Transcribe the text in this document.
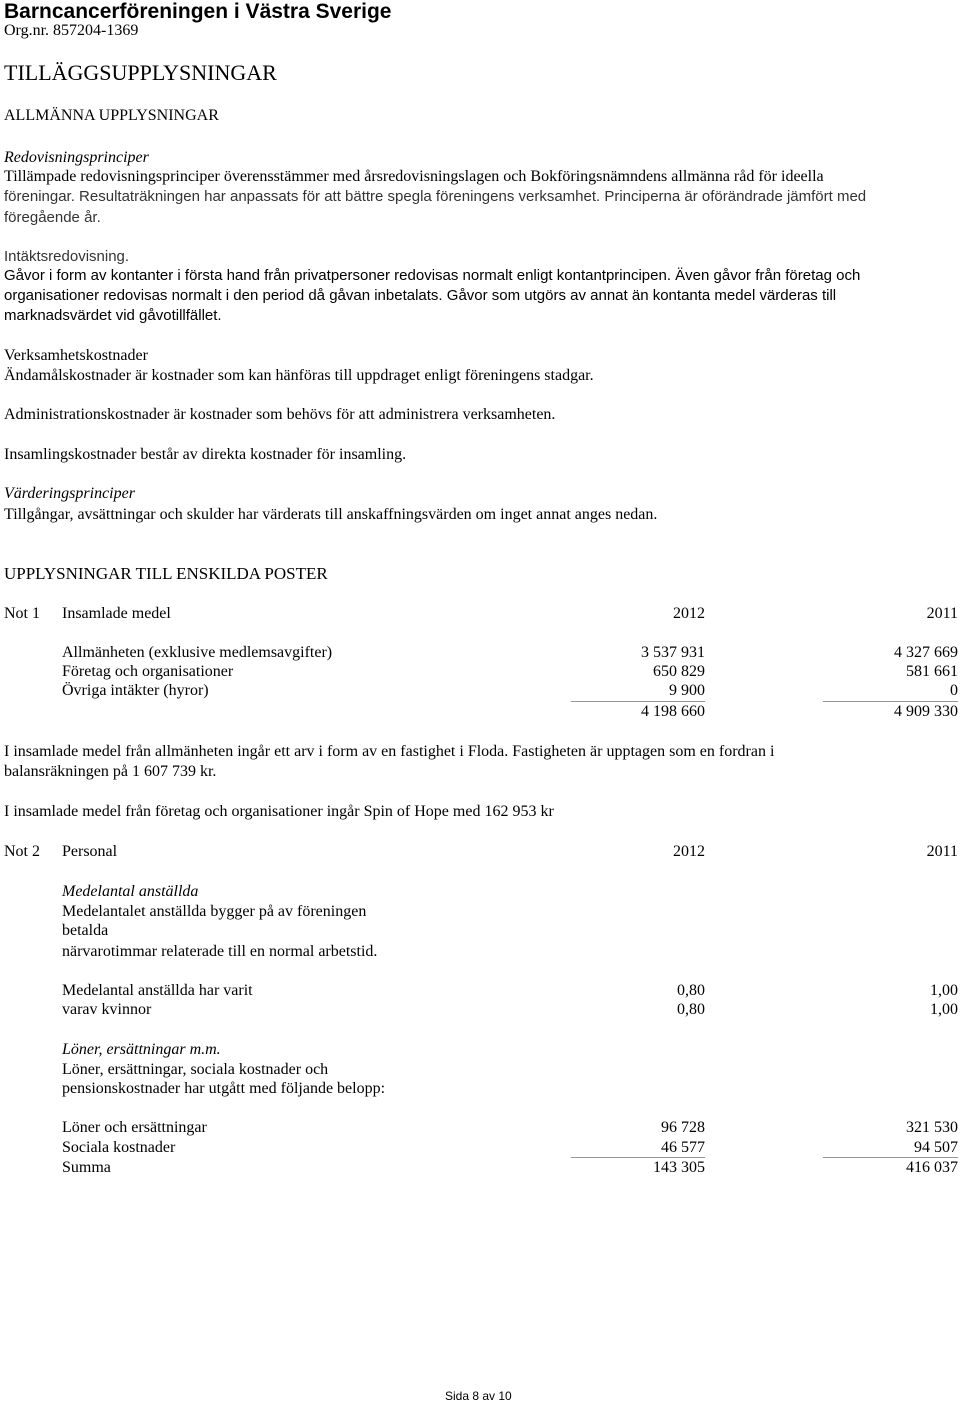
Barncancerföreningen i Västra Sverige
Org.nr. 857204-1369
TILLÄGGSUPPLYSNINGAR
ALLMÄNNA UPPLYSNINGAR
Redovisningsprinciper
Tillämpade redovisningsprinciper överensstämmer med årsredovisningslagen och Bokföringsnämndens allmänna råd för ideella
föreningar. Resultaträkningen har anpassats för att bättre spegla föreningens verksamhet. Principerna är oförändrade jämfört med
föregående år.
Intäktsredovisning.
Gåvor i form av kontanter i första hand från privatpersoner redovisas normalt enligt kontantprincipen. Även gåvor från företag och
organisationer redovisas normalt i den period då gåvan inbetalats. Gåvor som utgörs av annat än kontanta medel värderas till
marknadsvärdet vid gåvotillfället.
Verksamhetskostnader
Ändamålskostnader är kostnader som kan hänföras till uppdraget enligt föreningens stadgar.
Administrationskostnader är kostnader som behövs för att administrera verksamheten.
Insamlingskostnader består av direkta kostnader för insamling.
Värderingsprinciper
Tillgångar, avsättningar och skulder har värderats till anskaffningsvärden om inget annat anges nedan.
UPPLYSNINGAR TILL ENSKILDA POSTER
Not 1 Insamlade medel	2012	2011
Allmänheten (exklusive medlemsavgifter)	3 537 931	4 327 669
Företag och organisationer	650 829	581 661
Övriga intäkter (hyror)	9 900	0
4 198 660	4 909 330
I insamlade medel från allmänheten ingår ett arv i form av en fastighet i Floda. Fastigheten är upptagen som en fordran i
balansräkningen på 1 607 739 kr.
I insamlade medel från företag och organisationer ingår Spin of Hope med 162 953 kr
Not 2 Personal	2012	2011
Medelantal anställda
Medelantalet anställda bygger på av föreningen
betalda
närvarotimmar relaterade till en normal arbetstid.
Medelantal anställda har varit	0,80	1,00
varav kvinnor	0,80	1,00
Löner, ersättningar m.m.
Löner, ersättningar, sociala kostnader och
pensionskostnader har utgått med följande belopp:
Löner och ersättningar	96 728	321 530
Sociala kostnader	46 577	94 507
Summa	143 305	416 037
Sida 8 av 10
